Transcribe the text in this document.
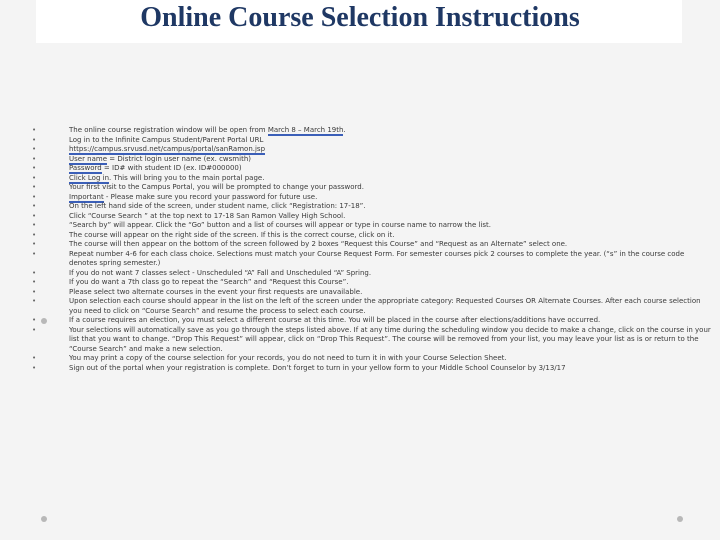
Online Course Selection Instructions
•	The online course registration window will be open from March 8 – March 19th.
•	Log in to the Infinite Campus Student/Parent Portal URL
•	https://campus.srvusd.net/campus/portal/sanRamon.jsp
•	User name = District login user name (ex. cwsmith)
•	Password = ID# with student ID (ex. ID#000000)
•	Click Log in. This will bring you to the main portal page.
•	Your first visit to the Campus Portal, you will be prompted to change your password.
•	Important - Please make sure you record your password for future use.
•	On the left hand side of the screen, under student name, click “Registration: 17-18”.
•	Click “Course Search ” at the top next to 17-18 San Ramon Valley High School.
•	“Search by” will appear. Click the “Go” button and a list of courses will appear or type in course name to narrow the list.
•	The course will appear on the right side of the screen. If this is the correct course, click on it.
•	The course will then appear on the bottom of the screen followed by 2 boxes “Request this Course” and “Request as an Alternate” select one.
•	Repeat number 4-6 for each class choice. Selections must match your Course Request Form. For semester courses pick 2 courses to complete the year. (“s” in the course code denotes spring semester.)
•	If you do not want 7 classes select - Unscheduled “A” Fall and Unscheduled “A” Spring.
•	If you do want a 7th class go to repeat the “Search” and “Request this Course”.
•	Please select two alternate courses in the event your first requests are unavailable.
•	Upon selection each course should appear in the list on the left of the screen under the appropriate category: Requested Courses OR Alternate Courses. After each course selection you need to click on “Course Search” and resume the process to select each course.
•	If a course requires an election, you must select a different course at this time. You will be placed in the course after elections/additions have occurred.
•	Your selections will automatically save as you go through the steps listed above. If at any time during the scheduling window you decide to make a change, click on the course in your list that you want to change. “Drop This Request” will appear, click on “Drop This Request”. The course will be removed from your list, you may leave your list as is or return to the “Course Search” and make a new selection.
•	You may print a copy of the course selection for your records, you do not need to turn it in with your Course Selection Sheet.
•	Sign out of the portal when your registration is complete. Don’t forget to turn in your yellow form to your Middle School Counselor by 3/13/17
